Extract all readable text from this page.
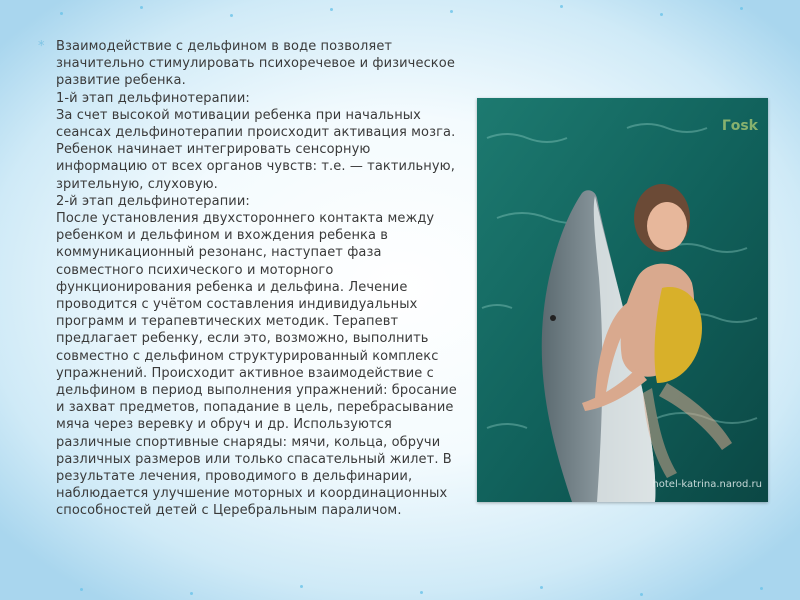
* Взаимодействие с дельфином в воде позволяет значительно стимулировать психоречевое и физическое развитие ребенка.
1-й этап дельфинотерапии:
За счет высокой мотивации ребенка при начальных сеансах дельфинотерапии происходит активация мозга. Ребенок начинает интегрировать сенсорную информацию от всех органов чувств: т.е. — тактильную, зрительную, слуховую.
2-й этап дельфинотерапии:
После установления двухстороннего контакта между ребенком и дельфином и вхождения ребенка в коммуникационный резонанс, наступает фаза совместного психического и моторного функционирования ребенка и дельфина. Лечение проводится с учётом составления индивидуальных программ и терапевтических методик. Терапевт предлагает ребенку, если это, возможно, выполнить совместно с дельфином структурированный комплекс упражнений. Происходит активное взаимодействие с дельфином в период выполнения упражнений: бросание и захват предметов, попадание в цель, перебрасывание мяча через веревку и обруч и др. Используются различные спортивные снаряды: мячи, кольца, обручи различных размеров или только спасательный жилет. В результате лечения, проводимого в дельфинарии, наблюдается улучшение моторных и координационных способностей детей с Церебральным параличом.
Гоsk
hotel-katrina.narod.ru
